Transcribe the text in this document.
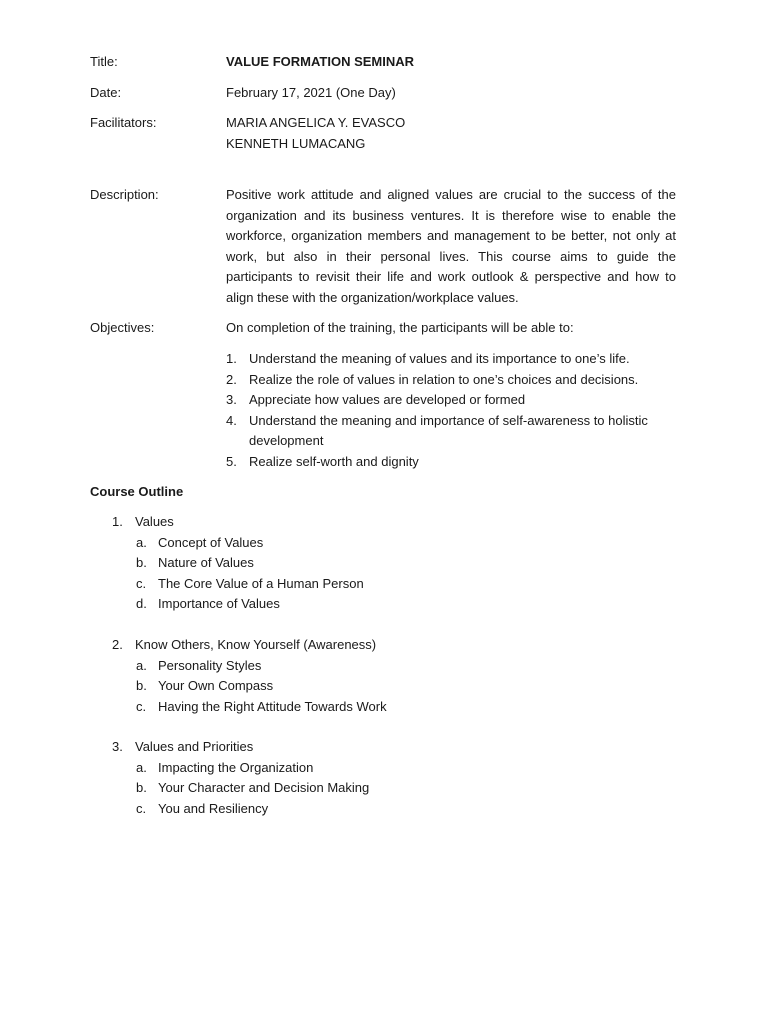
Title:	VALUE FORMATION SEMINAR
Date:	February 17, 2021 (One Day)
Facilitators:	MARIA ANGELICA Y. EVASCO
KENNETH LUMACANG
Description:	Positive work attitude and aligned values are crucial to the success of the organization and its business ventures. It is therefore wise to enable the workforce, organization members and management to be better, not only at work, but also in their personal lives. This course aims to guide the participants to revisit their life and work outlook & perspective and how to align these with the organization/workplace values.
Objectives:	On completion of the training, the participants will be able to:
1. Understand the meaning of values and its importance to one’s life.
2. Realize the role of values in relation to one’s choices and decisions.
3. Appreciate how values are developed or formed
4. Understand the meaning and importance of self-awareness to holistic development
5. Realize self-worth and dignity
Course Outline
1. Values
a. Concept of Values
b. Nature of Values
c. The Core Value of a Human Person
d. Importance of Values
2. Know Others, Know Yourself (Awareness)
a. Personality Styles
b. Your Own Compass
c. Having the Right Attitude Towards Work
3. Values and Priorities
a. Impacting the Organization
b. Your Character and Decision Making
c. You and Resiliency
